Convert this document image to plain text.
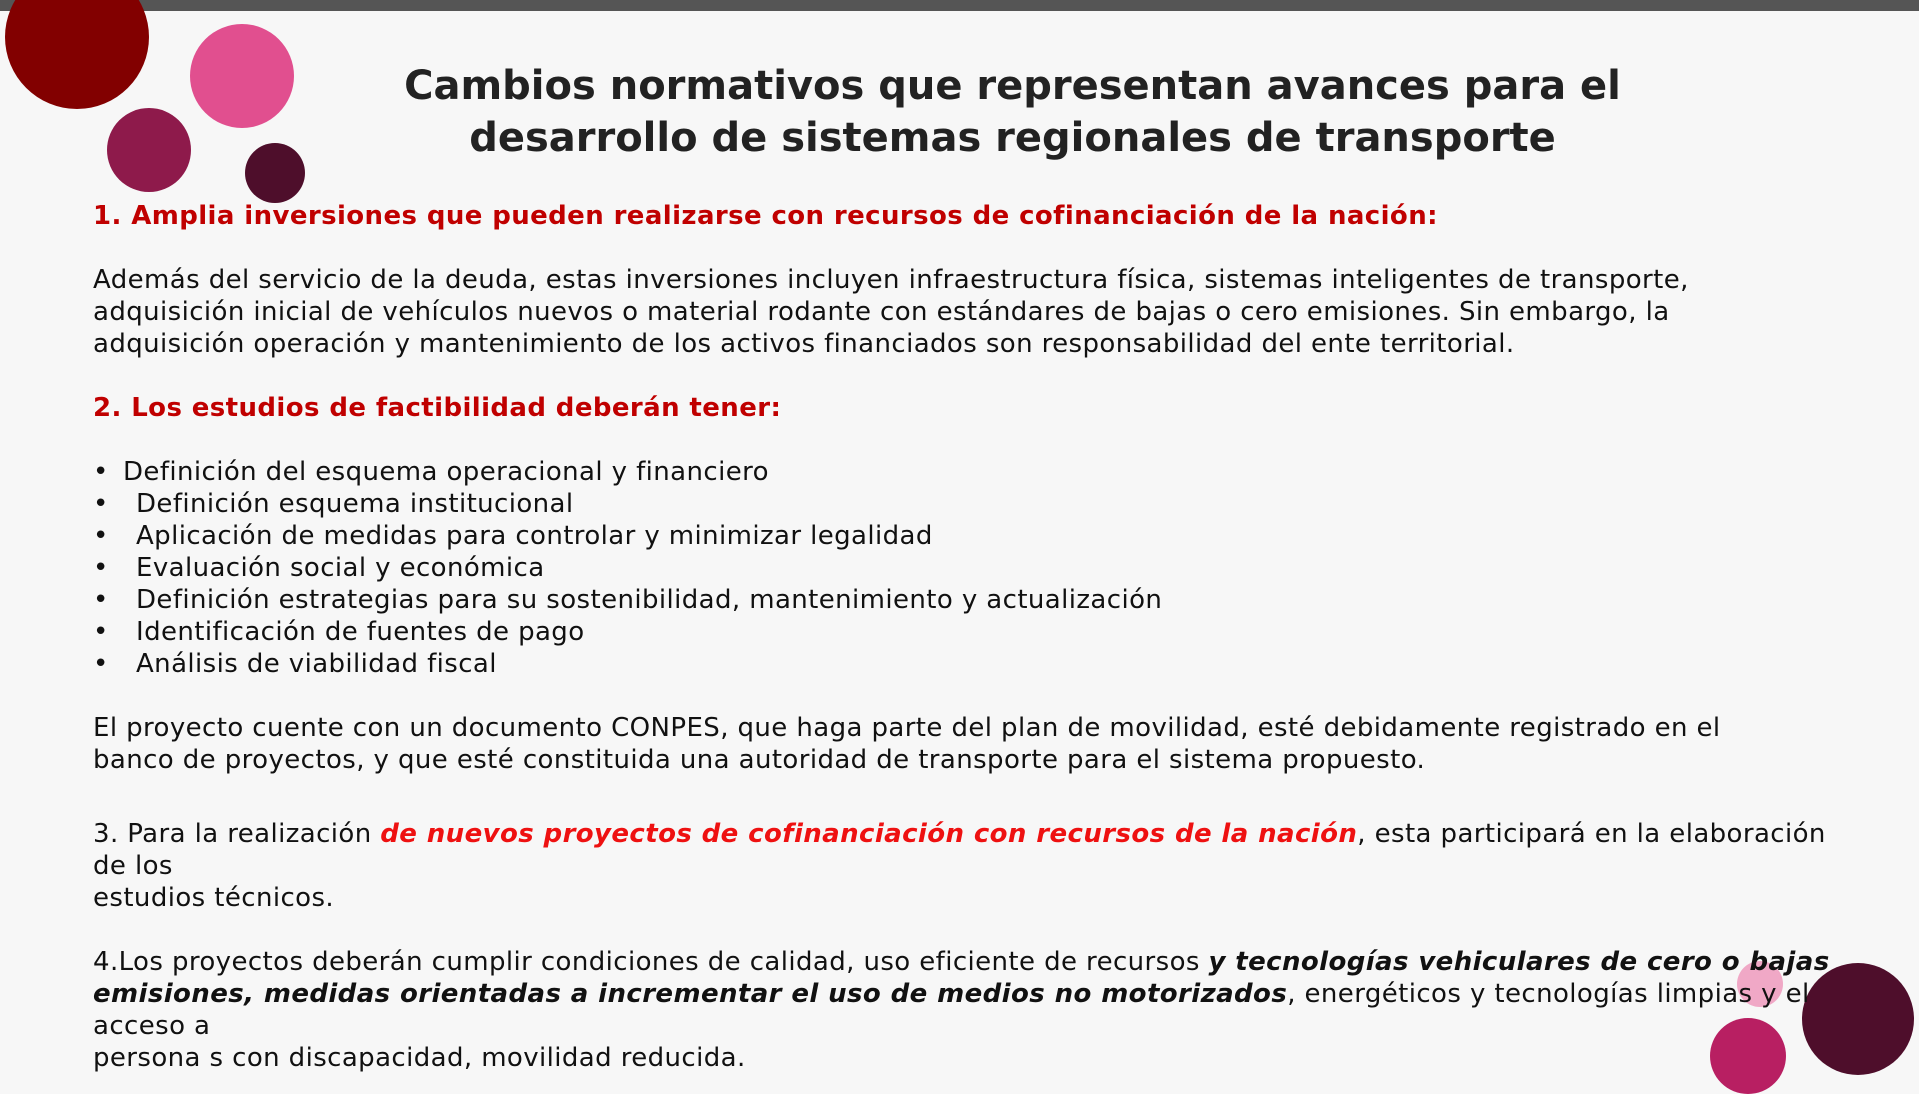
Cambios normativos que representan avances para el
desarrollo de sistemas regionales de transporte

1. Amplia inversiones que pueden realizarse con recursos de cofinanciación de la nación:

Además del servicio de la deuda, estas inversiones incluyen infraestructura física, sistemas inteligentes de transporte,
adquisición inicial de vehículos nuevos o material rodante con estándares de bajas o cero emisiones. Sin embargo, la
adquisición operación y mantenimiento de los activos financiados son responsabilidad del ente territorial.

2. Los estudios de factibilidad deberán tener:

• Definición del esquema operacional y financiero
• Definición esquema institucional
• Aplicación de medidas para controlar y minimizar legalidad
• Evaluación social y económica
• Definición estrategias para su sostenibilidad, mantenimiento y actualización
• Identificación de fuentes de pago
• Análisis de viabilidad fiscal

El proyecto cuente con un documento CONPES, que haga parte del plan de movilidad, esté debidamente registrado en el
banco de proyectos, y que esté constituida una autoridad de transporte para el sistema propuesto.

3. Para la realización de nuevos proyectos de cofinanciación con recursos de la nación, esta participará en la elaboración de los
estudios técnicos.

4.Los proyectos deberán cumplir condiciones de calidad, uso eficiente de recursos y tecnologías vehiculares de cero o bajas
emisiones, medidas orientadas a incrementar el uso de medios no motorizados, energéticos y tecnologías limpias y el acceso a
persona s con discapacidad, movilidad reducida.
